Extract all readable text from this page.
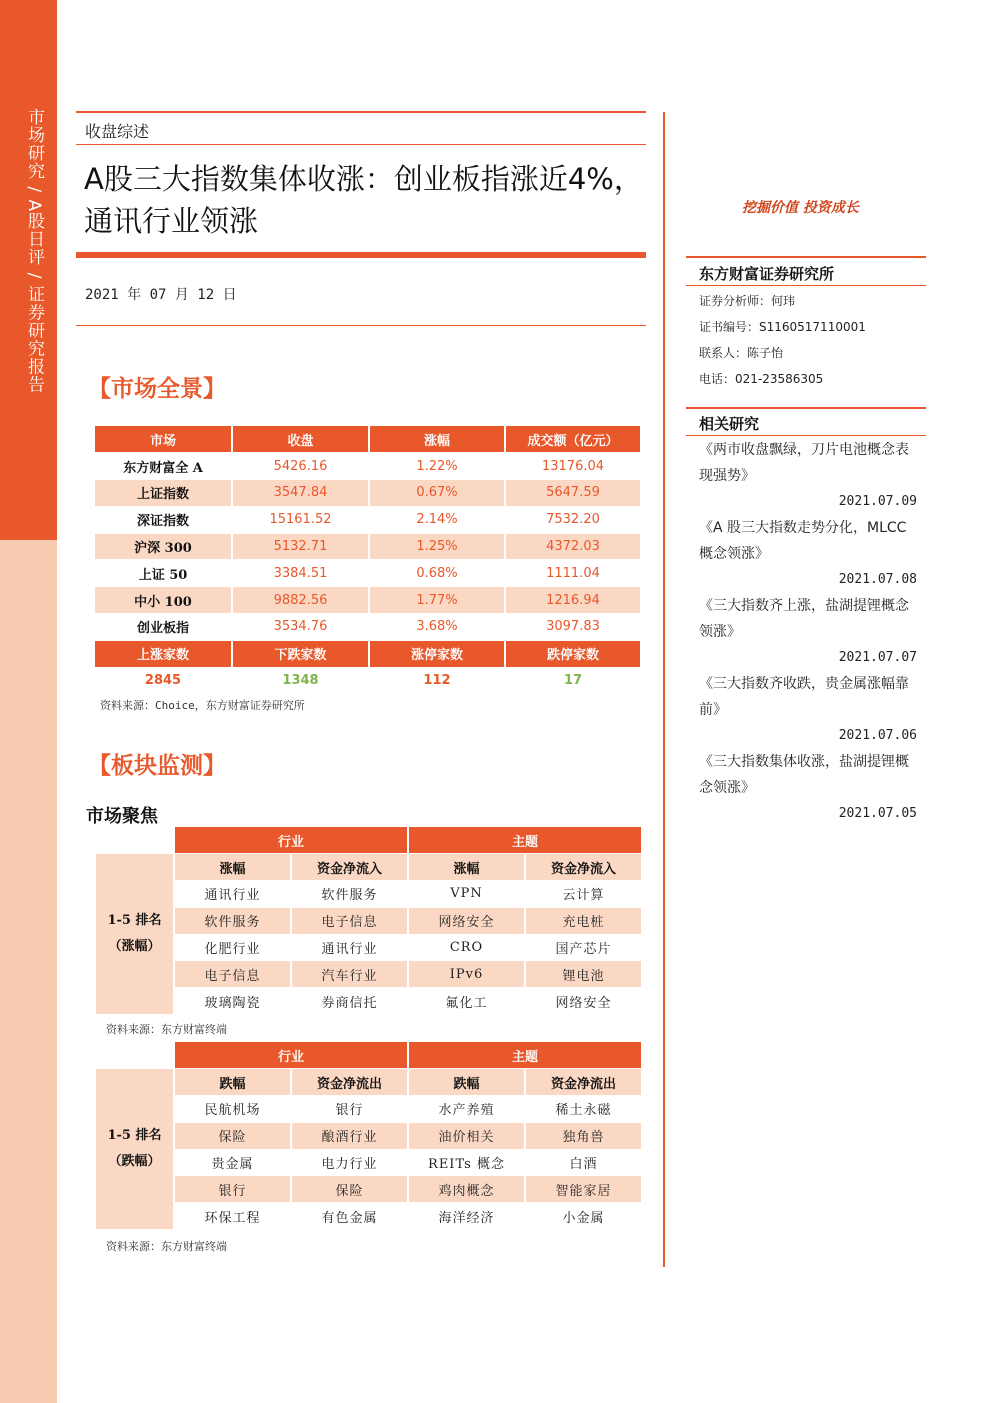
市场研究 / A股日评 / 证券研究报告	收盘综述
A股三大指数集体收涨：创业板指涨近4%，通讯行业领涨
2021 年 07 月 12 日
【市场全景】
市场	收盘	涨幅	成交额（亿元）
东方财富全 A	5426.16	1.22%	13176.04
上证指数	3547.84	0.67%	5647.59
深证指数	15161.52	2.14%	7532.20
沪深 300	5132.71	1.25%	4372.03
上证 50	3384.51	0.68%	1111.04
中小 100	9882.56	1.77%	1216.94
创业板指	3534.76	3.68%	3097.83
上涨家数	下跌家数	涨停家数	跌停家数
2845	1348	112	17
资料来源：Choice，东方财富证券研究所
【板块监测】
市场聚焦
	行业		主题	

1-5 排名
（涨幅）	涨幅	资金净流入	涨幅	资金净流入
	通讯行业	软件服务	VPN	云计算
	软件服务	电子信息	网络安全	充电桩
	化肥行业	通讯行业	CRO	国产芯片
	电子信息	汽车行业	IPv6	锂电池
	玻璃陶瓷	券商信托	氟化工	网络安全
资料来源：东方财富终端
	行业		主题	

1-5 排名
（跌幅）	跌幅	资金净流出	跌幅	资金净流出
	民航机场	银行	水产养殖	稀土永磁
	保险	酿酒行业	油价相关	独角兽
	贵金属	电力行业	REITs 概念	白酒
	银行	保险	鸡肉概念	智能家居
	环保工程	有色金属	海洋经济	小金属
资料来源：东方财富终端
挖掘价值 投资成长
东方财富证券研究所
证券分析师：何玮
证书编号：S1160517110001
联系人：陈子怡
电话：021-23586305
相关研究
《两市收盘飘绿，刀片电池概念表现强势》
2021.07.09
《A 股三大指数走势分化，MLCC 概念领涨》
2021.07.08
《三大指数齐上涨，盐湖提锂概念领涨》
2021.07.07
《三大指数齐收跌，贵金属涨幅靠前》
2021.07.06
《三大指数集体收涨，盐湖提锂概念领涨》
2021.07.05
